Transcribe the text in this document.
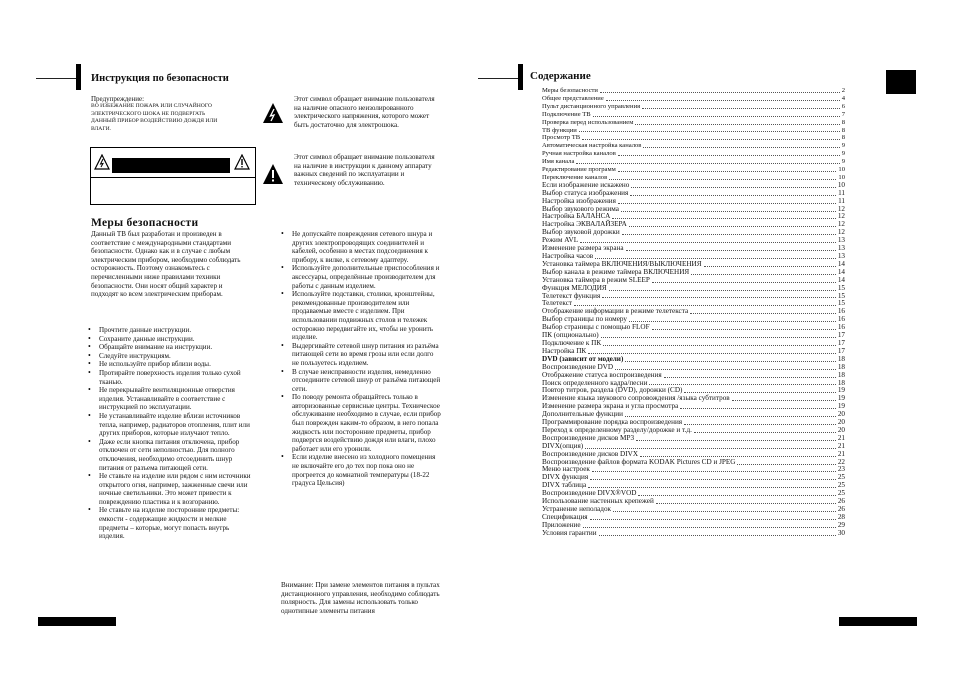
Инструкция по безопасности
Предупреждение:
ВО ИЗБЕЖАНИЕ ПОЖАРА ИЛИ СЛУЧАЙНОГО ЭЛЕКТРИЧЕСКОГО ШОКА НЕ ПОДВЕРГАТЬ ДАННЫЙ ПРИБОР ВОЗДЕЙСТВИЮ ДОЖДЯ ИЛИ ВЛАГИ.
Этот символ обращает внимание пользователя на наличие опасного неизолированного электрического напряжения, которого может быть достаточно для электрошока.
Этот символ обращает внимание пользователя на наличие в инструкции к данному аппарату важных сведений по эксплуатации и техническому обслуживанию.
Меры безопасности
Данный ТВ был разработан и произведен в соответствие с международными стандартами безопасности. Однако как и в случае с любым электрическим прибором, необходимо соблюдать осторожность. Поэтому ознакомьтесь с перечисленными ниже правилами техники безопасности. Они носят общий характер и подходят ко всем электрическим приборам.
• Прочтите данные инструкции.
• Сохраните данные инструкции.
• Обращайте внимание на инструкции.
• Следуйте инструкциям.
• Не используйте прибор вблизи воды.
• Протирайте поверхность изделия только сухой тканью.
• Не перекрывайте вентиляционные отверстия изделия. Устанавливайте в соответствие с инструкцией по эксплуатации.
• Не устанавливайте изделие вблизи источников тепла, например, радиаторов отопления, плит или других приборов, которые излучают тепло.
• Даже если кнопка питания отключена, прибор отключен от сети неполностью. Для полного отключения, необходимо отсоединить шнур питания от разъема питающей сети.
• Не ставьте на изделие или рядом с ним источники открытого огня, например, зажженные свечи или ночные светильники. Это может привести к повреждению пластика и к возгоранию.
• Не ставьте на изделие посторонние предметы: емкости - содержащие жидкости и мелкие предметы – которые, могут попасть внутрь изделия.
• Не допускайте повреждения сетевого шнура и других электропроводящих соединителей и кабелей, особенно в местах подсоединения к прибору, к вилке, к сетевому адаптеру.
• Используйте дополнительные приспособления и аксессуары, определённые производителем для работы с данным изделием.
• Используйте подставки, столики, кронштейны, рекомендованные производителем или продаваемые вместе с изделием. При использовании подвижных столов и тележек осторожно передвигайте их, чтобы не уронить изделие.
• Выдергивайте сетевой шнур питания из разъёма питающей сети во время грозы или если долго не пользуетесь изделием.
• В случае неисправности изделия, немедленно отсоедините сетевой шнур от разъёма питающей сети.
• По поводу ремонта обращайтесь только в авторизованные сервисные центры. Техническое обслуживание необходимо в случае, если прибор был поврежден каким-то образом, в него попала жидкость или посторонние предметы, прибор подвергся воздействию дождя или влаги, плохо работает или его уронили.
• Если изделие внесено из холодного помещения не включайте его до тех пор пока оно не прогреется до комнатной температуры (18-22 градуса Цельсия)
Внимание: При замене элементов питания в пультах дистанционного управления, необходимо соблюдать полярность. Для замены использовать только однотипные элементы питания
Содержание
Меры безопасности	2
Общее представление	4
Пульт дистанционного управления	6
Подключение ТВ	7
Проверка перед использованием	8
ТВ функции	8
Просмотр ТВ	8
Автоматическая настройка каналов	9
Ручная настройка каналов	9
Имя канала	9
Редактирование программ	10
Переключение каналов	10
Если изображение искажено	10
Выбор статуса изображения	11
Настройка изображения	11
Выбор звукового режима	12
Настройка БАЛАНСА	12
Настройка ЭКВАЛАЙЗЕРА	12
Выбор звуковой дорожки	12
Режим AVL	13
Изменение размера экрана	13
Настройка часов	13
Установка таймера ВКЛЮЧЕНИЯ/ВЫКЛЮЧЕНИЯ	14
Выбор канала в режиме таймера ВКЛЮЧЕНИЯ	14
Установка таймера в режим SLEEP	14
Функция МЕЛОДИЯ	15
Телетекст функция	15
Телетекст	15
Отображение информации в режиме телетекста	16
Выбор страницы по номеру	16
Выбор страницы с помощью FLOF	16
ПК (опционально)	17
Подключение к ПК	17
Настройка ПК	17
DVD (зависит от модели)	18
Воспроизведение DVD	18
Отображение статуса воспроизведения	18
Поиск определенного кадра/песни	18
Повтор титров, раздела (DVD), дорожки (CD)	19
Изменение языка звукового сопровождения /языка субтитров	19
Изменение размера экрана и угла просмотра	19
Дополнительные функции	20
Программирование порядка воспроизведения	20
Переход к определенному разделу/дорожке и т.д.	20
Воспроизведение дисков MP3	21
DIVX(опция)	21
Воспроизведение дисков DIVX	21
Воспроизведение файлов формата KODAK Pictures CD и JPEG	22
Меню настроек	23
DIVX функция	25
DIVX таблица	25
Воспроизведение DIVX®VOD	25
Использование настенных крепежей	26
Устранение неполадок	26
Спецификация	28
Приложение	29
Условия гарантии	30
